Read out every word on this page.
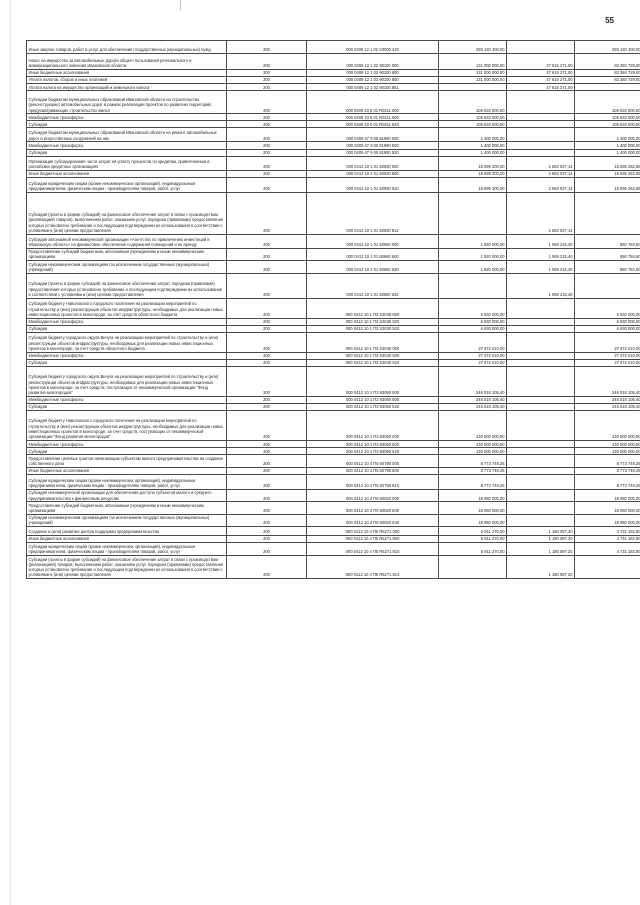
55
Иные закупки товаров, работ и услуг для обеспечения государственных (муниципальных) нужд	200	000 0409 12 1 02 S3000 240	286 120 400,00		286 120 400,00
Налог на имущество за автомобильные дороги общего пользования регионального и межмуниципального значения Ивановской области	200	000 0409 12 1 02 90100 000	131 000 000,00	47 615 271,00	83 384 729,00
Иные бюджетные ассигнования	200	000 0409 12 1 02 90100 800	131 000 000,00	47 615 271,00	83 384 729,00
Уплата налогов, сборов и иных платежей	200	000 0409 12 1 02 90100 850	131 000 000,00	47 615 271,00	83 384 729,00
Уплата налога на имущество организаций и земельного налога	200	000 0409 12 1 02 90100 851		47 615 271,00	
Субсидии бюджетам муниципальных образований Ивановской области на строительство (реконструкцию) автомобильных дорог в рамках реализации проектов по развитию территорий, предусматривающих строительство жилья	200	000 0409 23 5 01 R0211 000	106 633 000,00		106 633 000,00
Межбюджетные трансферты	200	000 0409 23 5 01 R0211 500	106 633 000,00		106 633 000,00
Субсидии	200	000 0409 23 5 01 R0211 520	106 633 000,00		106 633 000,00
Субсидии бюджетам муниципальных образований Ивановской области на ремонт автомобильных дорог и искусственных сооружений на них	200	000 0409 47 9 00 81990 000	1 400 000,00		1 400 000,00
Межбюджетные трансферты	200	000 0409 47 9 00 81990 500	1 400 000,00		1 400 000,00
Субсидии	200	000 0409 47 9 00 81990 520	1 400 000,00		1 400 000,00
Организация субсидирования части затрат на уплату процентов по кредитам, привлеченным в российских кредитных организациях	200	000 0412 10 1 01 60030 000	18 599 300,00	2 663 037,14	15 936 262,86
Иные бюджетные ассигнования	200	000 0412 10 1 01 60030 800	18 599 300,00	2 663 037,14	15 936 262,86
Субсидии юридическим лицам (кроме некоммерческих организаций), индивидуальным предпринимателям, физическим лицам - производителям товаров, работ, услуг	200	000 0412 10 1 01 60030 810	18 599 300,00	2 663 037,14	15 936 262,86
Субсидии (гранты в форме субсидий) на финансовое обеспечение затрат в связи с производством (реализацией товаров), выполнением работ, оказанием услуг, порядком (правилами) предоставления которых установлено требование о последующем подтверждении их использования в соответствии с условиями и (или) целями предоставления	200	000 0412 10 1 01 60030 812		2 663 037,14	
Субсидия автономной некоммерческой организации «Агентство по привлечению инвестиций в Ивановскую область» на финансовое обеспечение содержания помещений и их аренду	200	000 0412 10 1 01 60660 000	1 920 000,00	1 069 215,40	850 784,60
Предоставление субсидий бюджетным, автономным учреждениям и иным некоммерческим организациям	200	000 0412 10 1 01 60660 600	1 920 000,00	1 069 215,40	850 784,60
Субсидии некоммерческим организациям (за исключением государственных (муниципальных) учреждений)	200	000 0412 10 1 01 60660 630	1 920 000,00	1 069 215,40	850 784,60
Субсидии (гранты в форме субсидий) на финансовое обеспечение затрат, порядком (правилами) предоставления которых установлено требование о последующем подтверждении их использования в соответствии с условиями и (или) целями предоставления	200	000 0412 10 1 01 60660 632		1 069 215,40	
Субсидия бюджету Наволокского городского поселения на реализацию мероприятий по строительству и (или) реконструкции объектов инфраструктуры, необходимых для реализации новых инвестиционных проектов в моногороде, за счет средств областного бюджета	200	000 0412 10 1 П3 S3030 000	6 930 000,00		6 930 000,00
Межбюджетные трансферты	200	000 0412 10 1 П3 S3030 500	6 930 000,00		6 930 000,00
Субсидии	200	000 0412 10 1 П3 S3030 520	6 930 000,00		6 930 000,00
Субсидия бюджету городского округа Вичуга на реализацию мероприятий по строительству и (или) реконструкции объектов инфраструктуры, необходимых для реализации новых инвестиционных проектов в моногороде, за счет средств областного бюджета	200	000 0412 10 1 П3 S3040 000	27 472 010,00		27 472 010,00
Межбюджетные трансферты	200	000 0412 10 1 П3 S3040 500	27 472 010,00		27 472 010,00
Субсидии	200	000 0412 10 1 П3 S3040 520	27 472 010,00		27 472 010,00
Субсидия бюджету городского округа Вичуга на реализацию мероприятий по строительству и (или) реконструкции объектов инфраструктуры, необходимых для реализации новых инвестиционных проектов в моногороде, за счет средств, поступающих от некоммерческой организации "Фонд развития моногородов"	200	000 0412 10 1 П3 83050 000	246 018 105,40		246 018 105,40
Межбюджетные трансферты	200	000 0412 10 1 П3 83050 500	246 018 105,40		246 018 105,40
Субсидии	200	000 0412 10 1 П3 83050 520	246 018 105,40		246 018 105,40
Субсидия бюджету Наволокского городского поселения на реализацию мероприятий по строительству и (или) реконструкции объектов инфраструктуры, необходимых для реализации новых инвестиционных проектов в моногороде, за счет средств, поступающих от некоммерческой организации "Фонд развития моногородов"	200	000 0412 10 1 П3 83060 000	130 000 000,00		130 000 000,00
Межбюджетные трансферты	200	000 0412 10 1 П3 83060 500	130 000 000,00		130 000 000,00
Субсидии	200	000 0412 10 1 П3 83060 520	130 000 000,00		130 000 000,00
Предоставление целевых грантов начинающим субъектам малого предпринимательства на создание собственного дела	200	000 0412 10 4 П5 60790 000	8 773 749,25		8 773 749,25
Иные бюджетные ассигнования	200	000 0412 10 4 П5 60790 800	8 773 749,25		8 773 749,25
Субсидии юридическим лицам (кроме некоммерческих организаций), индивидуальным предпринимателям, физическим лицам - производителям товаров, работ, услуг	200	000 0412 10 4 П5 60790 810	8 773 749,25		8 773 749,25
Субсидия некоммерческой организации для обеспечения доступа субъектов малого и среднего предпринимательства к финансовым ресурсам	200	000 0412 10 4 П5 60820 000	18 080 000,00		18 080 000,00
Предоставление субсидий бюджетным, автономным учреждениям и иным некоммерческим организациям	200	000 0412 10 4 П5 60820 600	18 080 000,00		18 080 000,00
Субсидии некоммерческим организациям (за исключением государственных (муниципальных) учреждений)	200	000 0412 10 4 П5 60820 630	18 080 000,00		18 080 000,00
Создание и (или) развитие центра поддержки предпринимательства	200	000 0412 10 4 П5 R5271 000	5 911 270,00	1 180 087,20	4 731 182,80
Иные бюджетные ассигнования	200	000 0412 10 4 П5 R5271 800	5 911 270,00	1 180 087,20	4 731 182,80
Субсидии юридическим лицам (кроме некоммерческих организаций), индивидуальным предпринимателям, физическим лицам - производителям товаров, работ, услуг	200	000 0412 10 4 П5 R5271 810	5 911 270,00	1 180 087,20	4 731 182,80
Субсидии (гранты в форме субсидий) на финансовое обеспечение затрат в связи с производством (реализацией) товаров, выполнением работ, оказанием услуг, порядком (правилами) предоставления которых установлено требование о последующем подтверждении их использования в соответствии с условиями и (или) целями предоставления	200	000 0412 10 4 П5 R5271 813		1 180 087,20	
